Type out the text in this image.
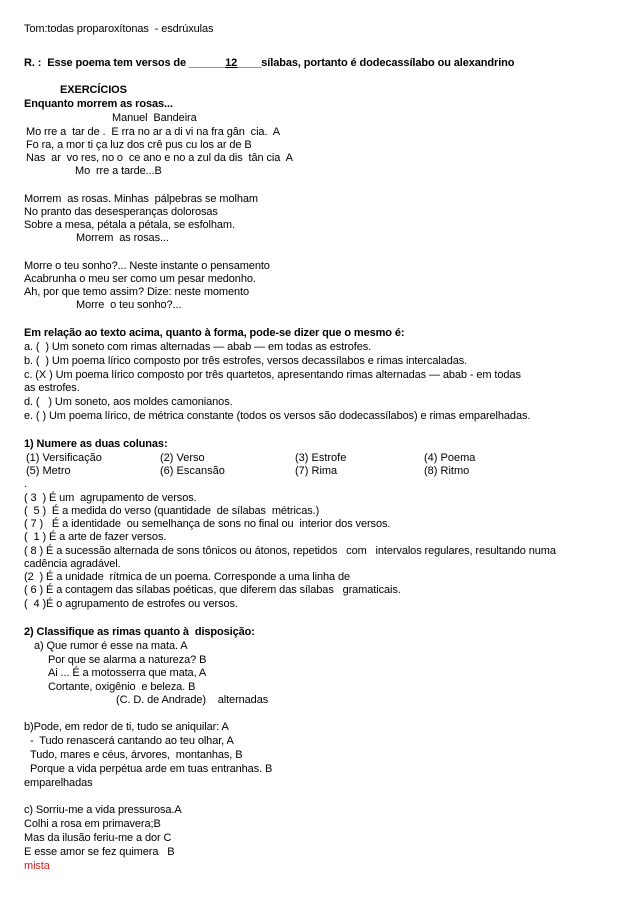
Tom:todas proparoxítonas  - esdrúxulas
R. :  Esse poema tem versos de ______12____sílabas, portanto é dodecassílabo ou alexandrino
EXERCÍCIOS
Enquanto morrem as rosas...
Manuel  Bandeira
Mo rre a  tar de .  E rra no ar a di vi na fra gân  cia.  A
Fo ra, a mor ti ça luz dos crê pus cu los ar de B
Nas  ar  vo res, no o  ce ano e no a zul da dis  tân cia  A
Mo  rre a tarde...B
Morrem  as rosas. Minhas  pálpebras se molham
No pranto das desesperanças dolorosas
Sobre a mesa, pétala a pétala, se esfolham.
Morrem  as rosas...
Morre o teu sonho?... Neste instante o pensamento
Acabrunha o meu ser como um pesar medonho.
Ah, por que temo assim? Dize: neste momento
Morre  o teu sonho?...
Em relação ao texto acima, quanto à forma, pode-se dizer que o mesmo é:
a. (  ) Um soneto com rimas alternadas — abab — em todas as estrofes.
b. (  ) Um poema lírico composto por três estrofes, versos decassílabos e rimas intercaladas.
c. (X ) Um poema lírico composto por três quartetos, apresentando rimas alternadas — abab - em todas
as estrofes.
d. (   ) Um soneto, aos moldes camonianos.
e. ( ) Um poema lírico, de métrica constante (todos os versos são dodecassílabos) e rimas emparelhadas.
1) Numere as duas colunas:
(1) Versificação	(2) Verso	(3) Estrofe	(4) Poema
(5) Metro	(6) Escansão	(7) Rima	(8) Ritmo
.
( 3  ) É um  agrupamento de versos.
(  5 )  É a medida do verso (quantidade  de sílabas  métricas.)
( 7 )   É a identidade  ou semelhança de sons no final ou  interior dos versos.
(  1 ) É a arte de fazer versos.
( 8 ) É a sucessão alternada de sons tônicos ou átonos, repetidos   com   intervalos regulares, resultando numa
cadência agradável.
(2  ) É a unidade  rítmica de un poema. Corresponde a uma linha de
( 6 ) É a contagem das sílabas poéticas, que diferem das sílabas   gramaticais.
(  4 )É o agrupamento de estrofes ou versos.
2) Classifique as rimas quanto à  disposição:
a) Que rumor é esse na mata. A
Por que se alarma a natureza? B
Ai ... É a motosserra que mata, A
Cortante, oxigênio  e beleza. B
(C. D. de Andrade)    alternadas
b)Pode, em redor de ti, tudo se aniquilar: A
-  Tudo renascerá cantando ao teu olhar, A
Tudo, mares e céus, árvores,  montanhas, B
Porque a vida perpétua arde em tuas entranhas. B
emparelhadas
c) Sorriu-me a vida pressurosa.A
Colhi a rosa em primavera;B
Mas da ilusão feriu-me a dor C
E esse amor se fez quimera   B
mista
